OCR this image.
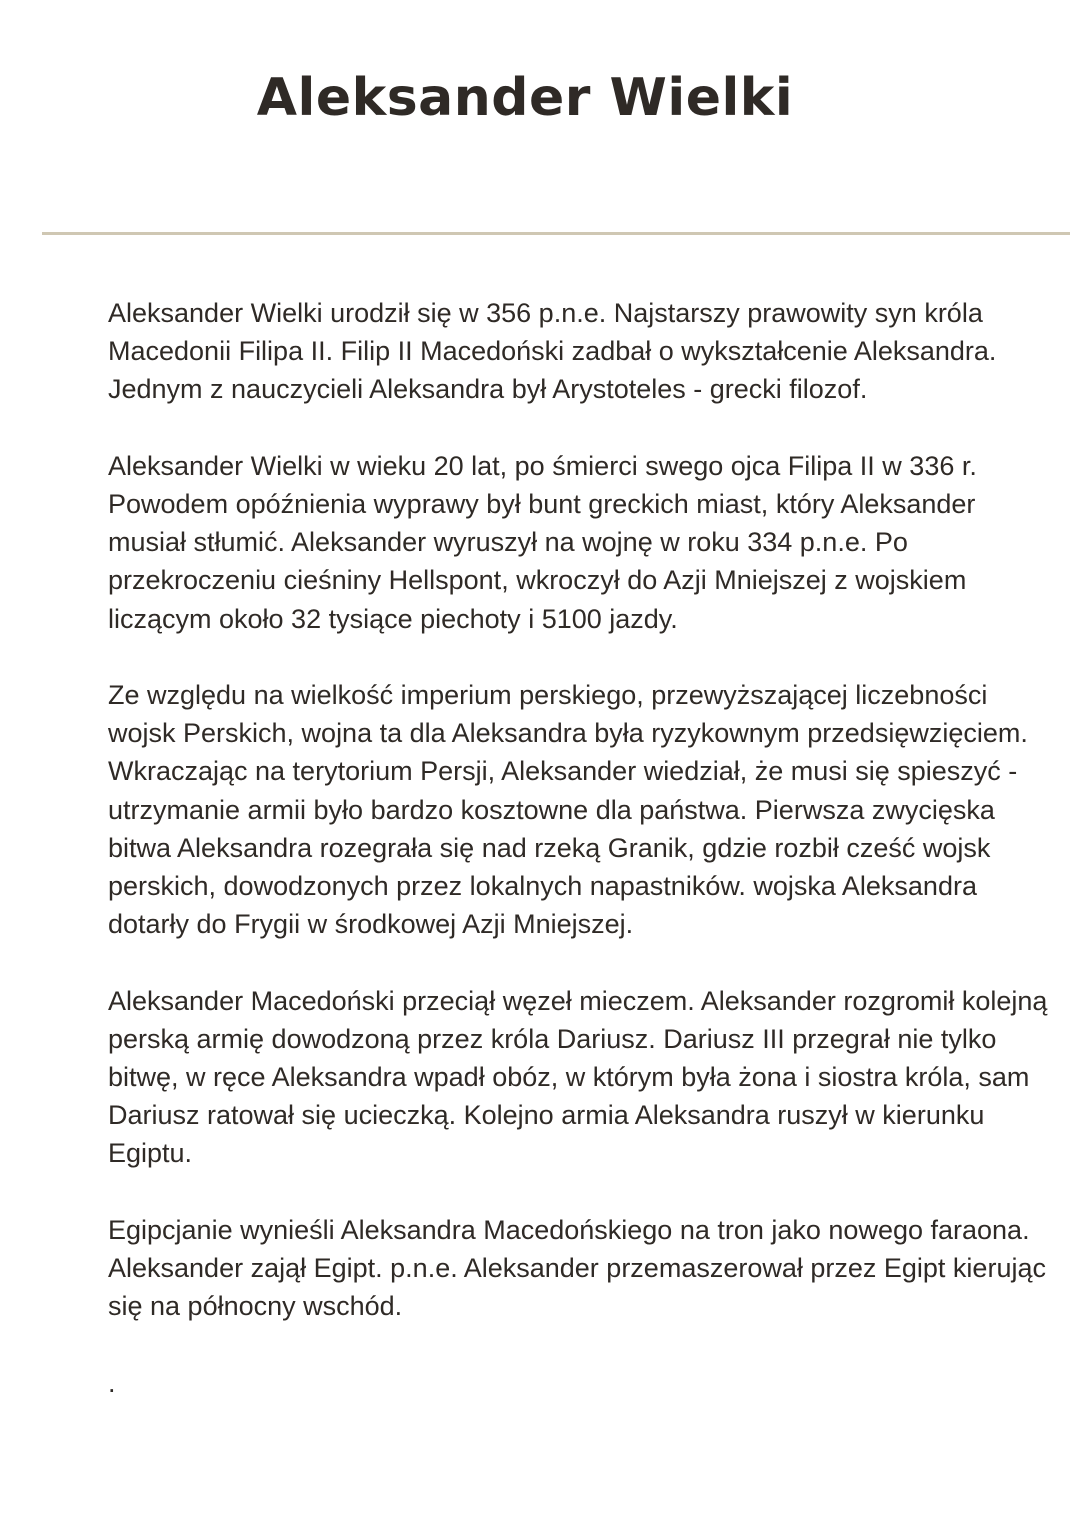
Aleksander Wielki

Aleksander Wielki urodził się w 356 p.n.e. Najstarszy prawowity syn króla Macedonii Filipa II. Filip II Macedoński zadbał o wykształcenie Aleksandra. Jednym z nauczycieli Aleksandra był Arystoteles - grecki filozof.

Aleksander Wielki w wieku 20 lat, po śmierci swego ojca Filipa II w 336 r. Powodem opóźnienia wyprawy był bunt greckich miast, który Aleksander musiał stłumić. Aleksander wyruszył na wojnę w roku 334 p.n.e. Po przekroczeniu cieśniny Hellspont, wkroczył do Azji Mniejszej z wojskiem liczącym około 32 tysiące piechoty i 5100 jazdy.

Ze względu na wielkość imperium perskiego, przewyższającej liczebności wojsk Perskich, wojna ta dla Aleksandra była ryzykownym przedsięwzięciem. Wkraczając na terytorium Persji, Aleksander wiedział, że musi się spieszyć - utrzymanie armii było bardzo kosztowne dla państwa. Pierwsza zwycięska bitwa Aleksandra rozegrała się nad rzeką Granik, gdzie rozbił cześć wojsk perskich, dowodzonych przez lokalnych napastników. wojska Aleksandra dotarły do Frygii w środkowej Azji Mniejszej.

Aleksander Macedoński przeciął węzeł mieczem. Aleksander rozgromił kolejną perską armię dowodzoną przez króla Dariusz. Dariusz III przegrał nie tylko bitwę, w ręce Aleksandra wpadł obóz, w którym była żona i siostra króla, sam Dariusz ratował się ucieczką. Kolejno armia Aleksandra ruszył w kierunku Egiptu.

Egipcjanie wynieśli Aleksandra Macedońskiego na tron jako nowego faraona. Aleksander zajął Egipt. p.n.e. Aleksander przemaszerował przez Egipt kierując się na północny wschód.

.
